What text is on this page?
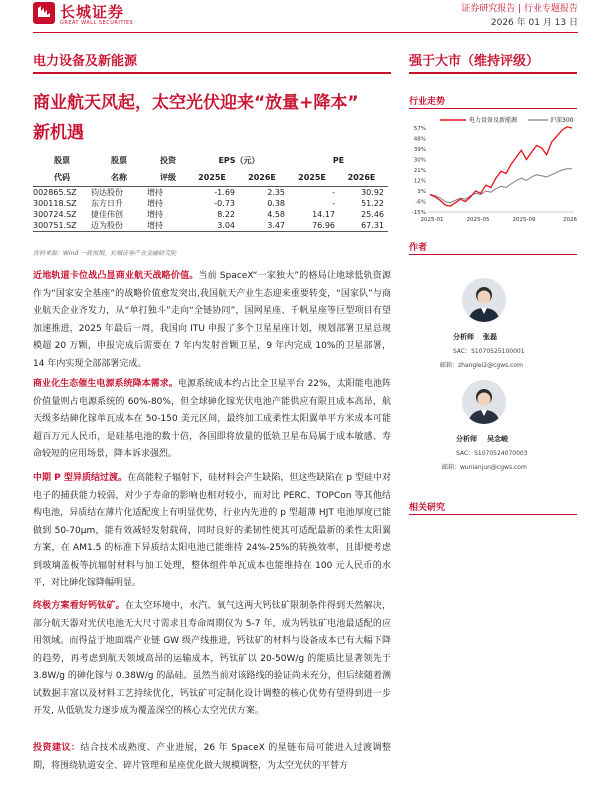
长城证券
GREAT WALL SECURITIES
证券研究报告 | 行业专题报告
2026 年 01 月 13 日
电力设备及新能源	强于大市（维持评级）
商业航天风起，太空光伏迎来“放量+降本”
新机遇
股票	股票	投资	EPS（元）		PE	
代码	名称	评级	2025E	2026E	2025E	2026E
002865.SZ	钧达股份	增持	-1.69	2.35	-	30.92
300118.SZ	东方日升	增持	-0.73	0.38	-	51.22
300724.SZ	捷佳伟创	增持	8.22	4.58	14.17	25.46
300751.SZ	迈为股份	增持	3.04	3.47	76.96	67.31
资料来源：Wind 一致预期，长城证券产业金融研究院
近地轨道卡位战凸显商业航天战略价值。当前 SpaceX“一家独大”的格局让地球低轨资源作为“国家安全基座”的战略价值愈发突出,我国航天产业生态迎来重要转变，“国家队”与商业航天企业齐发力，从“单打独斗”走向“全链协同”，国网星座、千帆星座等巨型项目有望加速推进，2025 年最后一周，我国向 ITU 申报了多个卫星星座计划，规划部署卫星总规模超 20 万颗，申报完成后需要在 7 年内发射首颗卫星，9 年内完成 10%的卫星部署，14 年内实现全部部署完成。
商业化生态催生电源系统降本需求。电源系统成本约占比全卫星平台 22%，太阳能电池阵价值量则占电源系统的 60%-80%，但全球砷化镓光伏电池产能供应有限且成本高昂，航天级多结砷化镓单瓦成本在 50-150 美元区间，最终加工成柔性太阳翼单平方米成本可能超百万元人民币，是硅基电池的数十倍，各国即将放量的低轨卫星布局属于成本敏感、寿命较短的应用场景，降本诉求强烈。
中期 P 型异质结过渡。在高能粒子辐射下，硅材料会产生缺陷，但这些缺陷在 p 型硅中对电子的捕获能力较弱，对少子寿命的影响也相对较小，而对比 PERC、TOPCon 等其他结构电池，异质结在薄片化适配度上有明显优势，行业内先进的 p 型超薄 HJT 电池厚度已能做到 50-70μm，能有效减轻发射载荷，同时良好的柔韧性使其可适配最新的柔性太阳翼方案，在 AM1.5 的标准下异质结太阳电池已能维持 24%-25%的转换效率，且即便考虑到玻璃盖板等抗辐射材料与加工处理，整体组件单瓦成本也能维持在 100 元人民币的水平，对比砷化镓降幅明显。
终极方案看好钙钛矿。在太空环境中，水汽、氧气这两大钙钛矿限制条件得到天然解决，部分航天器对光伏电池无大尺寸需求且寿命周期仅为 5-7 年，成为钙钛矿电池最适配的应用领域。而得益于地面端产业链 GW 级产线推进，钙钛矿的材料与设备成本已有大幅下降的趋势，再考虑到航天领域高昂的运输成本，钙钛矿以 20-50W/g 的能质比显著领先于 3.8W/g 的砷化镓与 0.38W/g 的晶硅。虽然当前对该路线的验证尚未充分，但后续随着测试数据丰富以及材料工艺持续优化，钙钛矿可定制化设计调整的核心优势有望得到进一步开发, 从低轨发力逐步成为覆盖深空的核心太空光伏方案。
投资建议：结合技术成熟度、产业进展，26 年 SpaceX 的星链布局可能进入过渡调整期，将围绕轨道安全、碎片管理和星座优化做大规模调整，为太空光伏的平替方
行业走势
-15%
-6%
3%
12%
21%
30%
39%
48%
57%
2025-01	2025-05	2025-09	2026
电力设备及新能源	沪深300
作者
分析师 张磊
SAC：S1070525100001
邮箱：zhanglei2@cgws.com
分析师 吴念峻
SAC：S1070524070003
邮箱：wunianjun@cgws.com
相关研究
